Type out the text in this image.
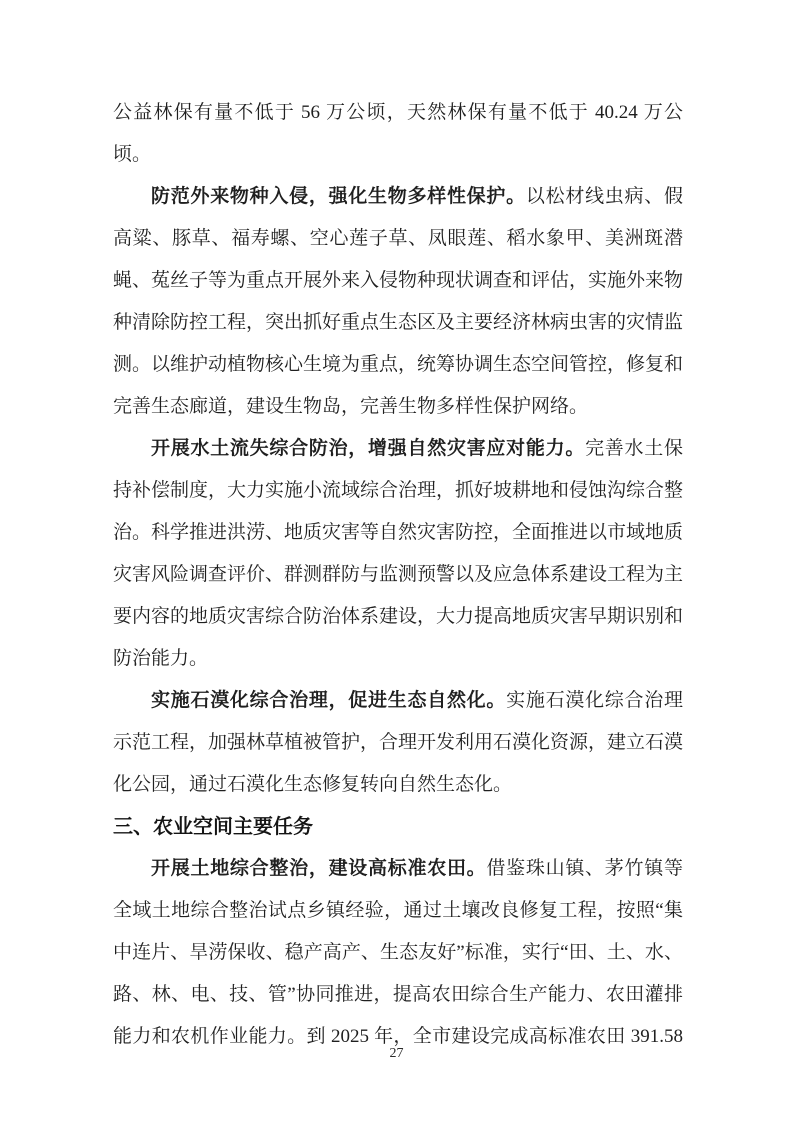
公益林保有量不低于 56 万公顷，天然林保有量不低于 40.24 万公顷。

防范外来物种入侵，强化生物多样性保护。以松材线虫病、假高粱、豚草、福寿螺、空心莲子草、凤眼莲、稻水象甲、美洲斑潜蝇、菟丝子等为重点开展外来入侵物种现状调查和评估，实施外来物种清除防控工程，突出抓好重点生态区及主要经济林病虫害的灾情监测。以维护动植物核心生境为重点，统筹协调生态空间管控，修复和完善生态廊道，建设生物岛，完善生物多样性保护网络。

开展水土流失综合防治，增强自然灾害应对能力。完善水土保持补偿制度，大力实施小流域综合治理，抓好坡耕地和侵蚀沟综合整治。科学推进洪涝、地质灾害等自然灾害防控，全面推进以市域地质灾害风险调查评价、群测群防与监测预警以及应急体系建设工程为主要内容的地质灾害综合防治体系建设，大力提高地质灾害早期识别和防治能力。

实施石漠化综合治理，促进生态自然化。实施石漠化综合治理示范工程，加强林草植被管护，合理开发利用石漠化资源，建立石漠化公园，通过石漠化生态修复转向自然生态化。

三、农业空间主要任务

开展土地综合整治，建设高标准农田。借鉴珠山镇、茅竹镇等全域土地综合整治试点乡镇经验，通过土壤改良修复工程，按照“集中连片、旱涝保收、稳产高产、生态友好”标准，实行“田、土、水、路、林、电、技、管”协同推进，提高农田综合生产能力、农田灌排能力和农机作业能力。到 2025 年，全市建设完成高标准农田 391.58

27
